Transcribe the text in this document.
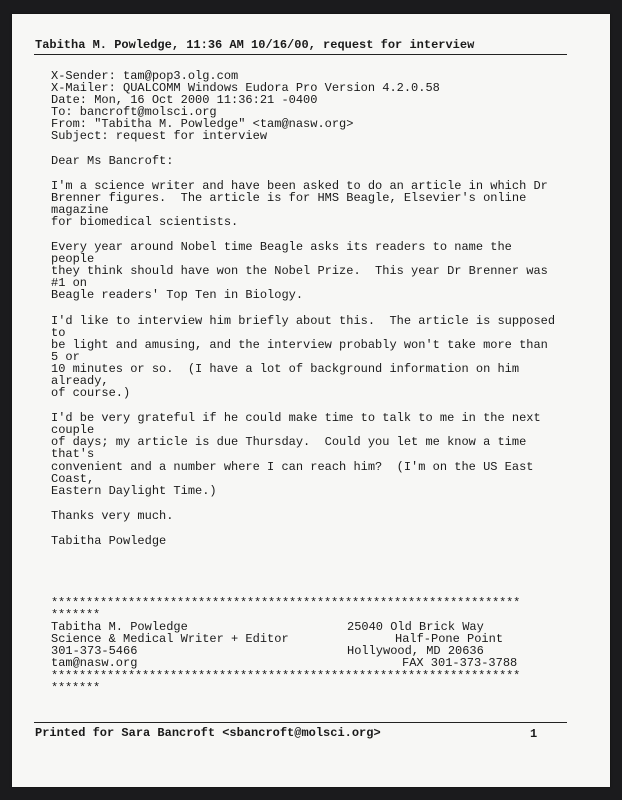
Tabitha M. Powledge, 11:36 AM 10/16/00, request for interview
X-Sender: tam@pop3.olg.com
X-Mailer: QUALCOMM Windows Eudora Pro Version 4.2.0.58
Date: Mon, 16 Oct 2000 11:36:21 -0400
To: bancroft@molsci.org
From: "Tabitha M. Powledge" <tam@nasw.org>
Subject: request for interview
Dear Ms Bancroft:
I'm a science writer and have been asked to do an article in which Dr
Brenner figures.  The article is for HMS Beagle, Elsevier's online
magazine
for biomedical scientists.
Every year around Nobel time Beagle asks its readers to name the
people
they think should have won the Nobel Prize.  This year Dr Brenner was
#1 on
Beagle readers' Top Ten in Biology.
I'd like to interview him briefly about this.  The article is supposed
to
be light and amusing, and the interview probably won't take more than
5 or
10 minutes or so.  (I have a lot of background information on him
already,
of course.)
I'd be very grateful if he could make time to talk to me in the next
couple
of days; my article is due Thursday.  Could you let me know a time
that's
convenient and a number where I can reach him?  (I'm on the US East
Coast,
Eastern Daylight Time.)
Thanks very much.
Tabitha Powledge
*******************************************************************
*******
Tabitha M. Powledge	25040 Old Brick Way
Science & Medical Writer + Editor	Half-Pone Point
301-373-5466	Hollywood, MD 20636
tam@nasw.org	FAX 301-373-3788
*******************************************************************
*******
Printed for Sara Bancroft <sbancroft@molsci.org>	1
